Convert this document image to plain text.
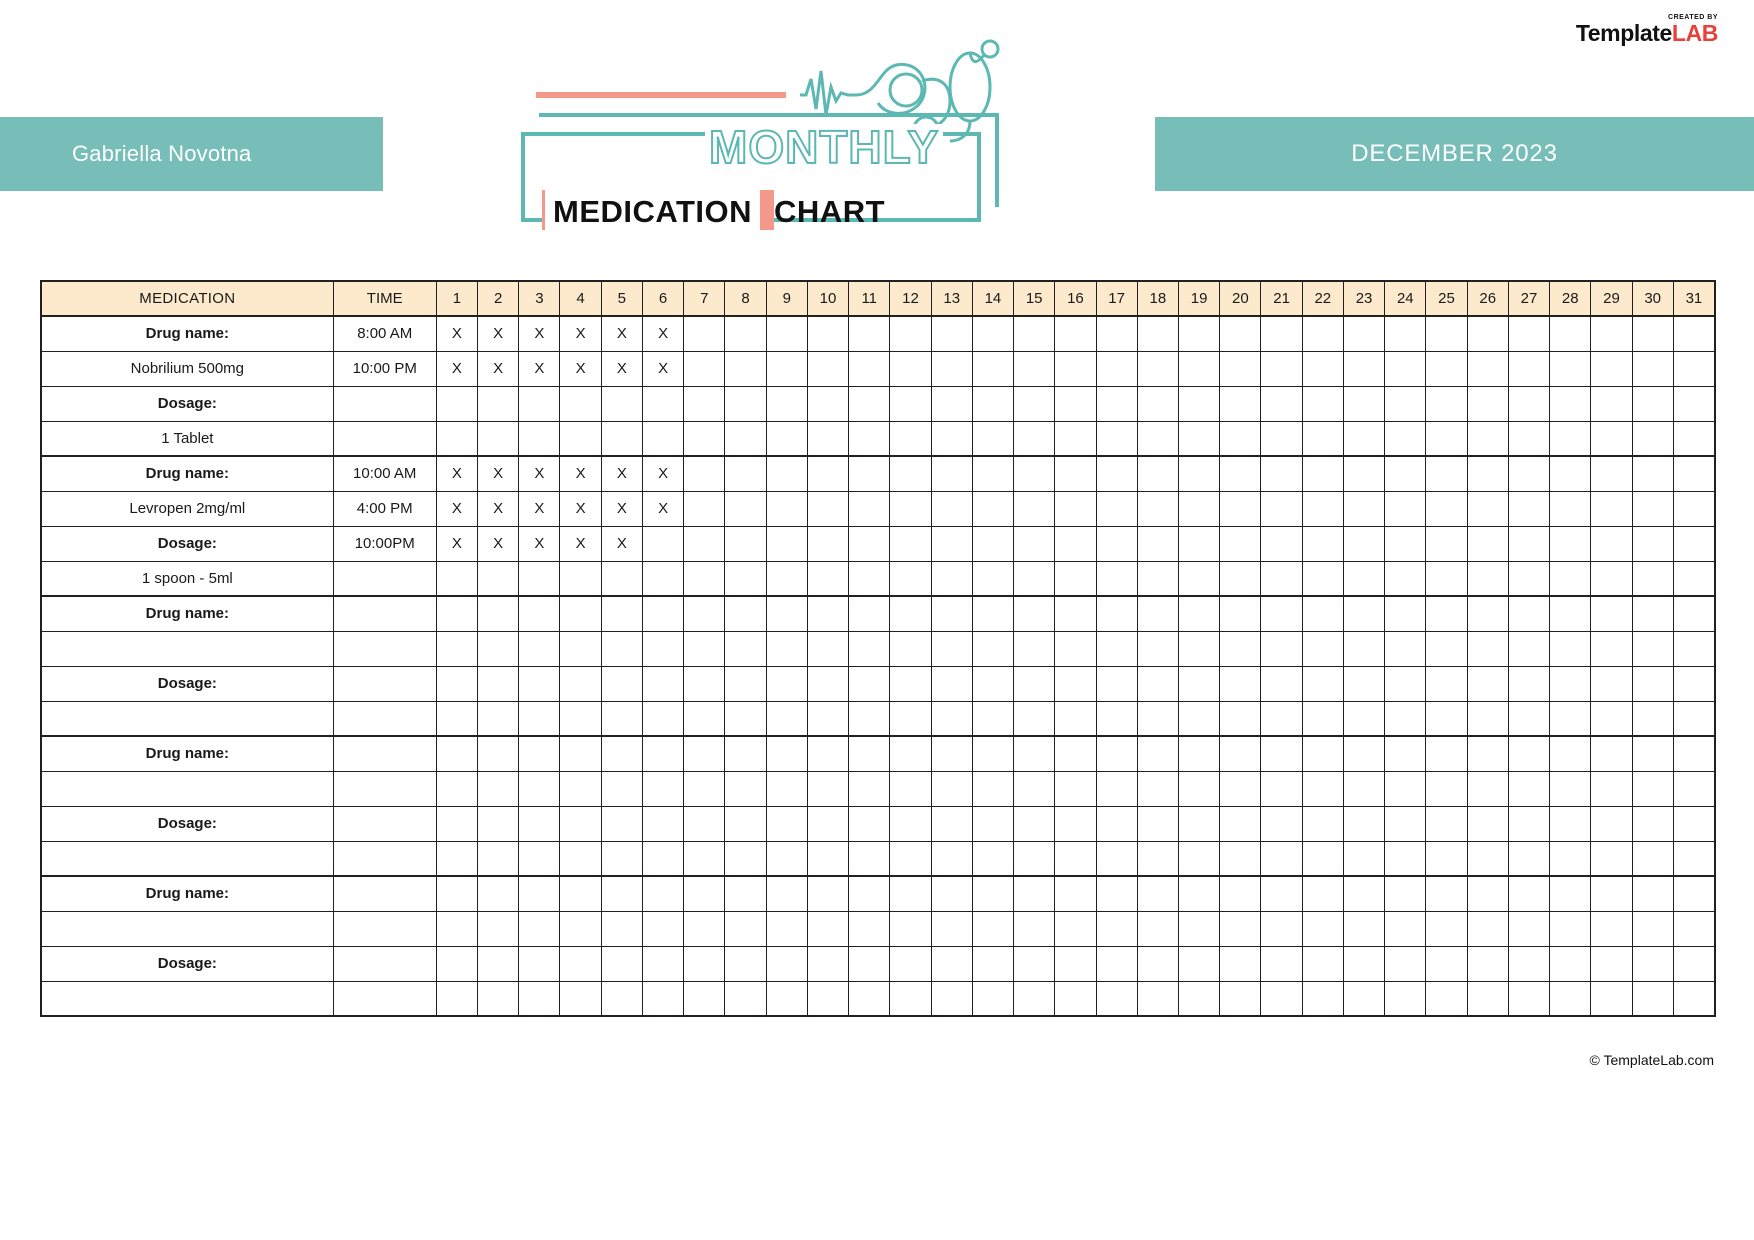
CREATED BY
TemplateLAB
Gabriella Novotna	DECEMBER 2023
MONTHLY
MEDICATION CHART
MEDICATION	TIME	1	2	3	4	5	6	7	8	9	10	11	12	13	14	15	16	17	18	19	20	21	22	23	24	25	26	27	28	29	30	31
Drug name:	8:00 AM	X	X	X	X	X	X																									
Nobrilium 500mg	10:00 PM	X	X	X	X	X	X																									
Dosage:																																
1 Tablet																																
Drug name:	10:00 AM	X	X	X	X	X	X																									
Levropen 2mg/ml	4:00 PM	X	X	X	X	X	X																									
Dosage:	10:00PM	X	X	X	X	X																										
1 spoon - 5ml																																
Drug name:																																

Dosage:																																

Drug name:																																

Dosage:																																

Drug name:																																

Dosage:																																

© TemplateLab.com
